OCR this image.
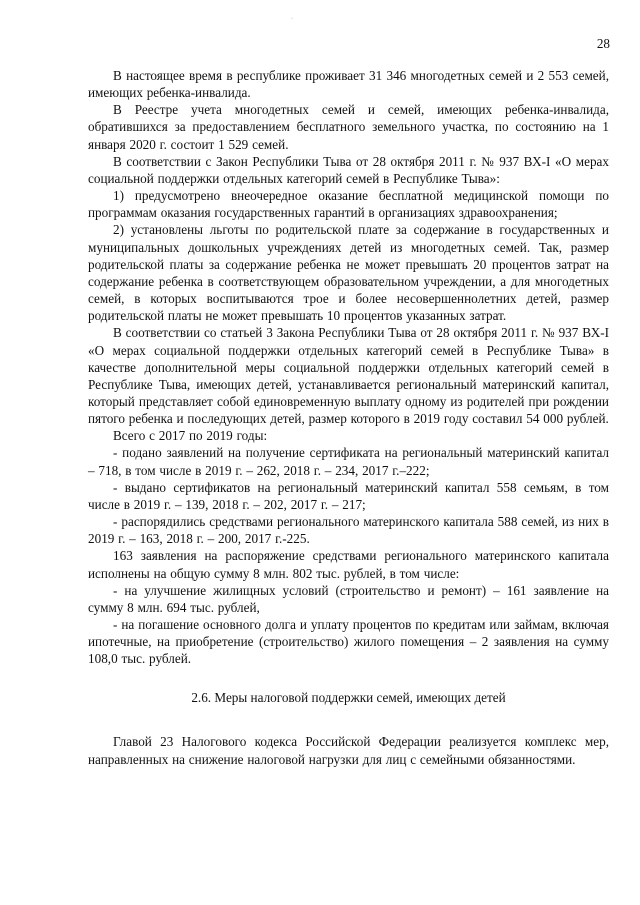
·
28

В настоящее время в республике проживает 31 346 многодетных семей и 2 553 семей, имеющих ребенка-инвалида.

В Реестре учета многодетных семей и семей, имеющих ребенка-инвалида, обратившихся за предоставлением бесплатного земельного участка, по состоянию на 1 января 2020 г. состоит 1 529 семей.

В соответствии с Закон Республики Тыва от 28 октября 2011 г. № 937 ВХ-I «О мерах социальной поддержки отдельных категорий семей в Республике Тыва»:

1) предусмотрено внеочередное оказание бесплатной медицинской помощи по программам оказания государственных гарантий в организациях здравоохранения;

2) установлены льготы по родительской плате за содержание в государственных и муниципальных дошкольных учреждениях детей из многодетных семей. Так, размер родительской платы за содержание ребенка не может превышать 20 процентов затрат на содержание ребенка в соответствующем образовательном учреждении, а для многодетных семей, в которых воспитываются трое и более несовершеннолетних детей, размер родительской платы не может превышать 10 процентов указанных затрат.

В соответствии со статьей 3 Закона Республики Тыва от 28 октября 2011 г. № 937 ВХ-I «О мерах социальной поддержки отдельных категорий семей в Республике Тыва» в качестве дополнительной меры социальной поддержки отдельных категорий семей в Республике Тыва, имеющих детей, устанавливается региональный материнский капитал, который представляет собой единовременную выплату одному из родителей при рождении пятого ребенка и последующих детей, размер которого в 2019 году составил 54 000 рублей.

Всего с 2017 по 2019 годы:

- подано заявлений на получение сертификата на региональный материнский капитал – 718, в том числе в 2019 г. – 262, 2018 г. – 234, 2017 г.–222;

- выдано сертификатов на региональный материнский капитал 558 семьям, в том числе в 2019 г. – 139, 2018 г. – 202, 2017 г. – 217;

- распорядились средствами регионального материнского капитала 588 семей, из них в 2019 г. – 163, 2018 г. – 200, 2017 г.-225.

163 заявления на распоряжение средствами регионального материнского капитала исполнены на общую сумму 8 млн. 802 тыс. рублей, в том числе:

- на улучшение жилищных условий (строительство и ремонт) – 161 заявление на сумму 8 млн. 694 тыс. рублей,

- на погашение основного долга и уплату процентов по кредитам или займам, включая ипотечные, на приобретение (строительство) жилого помещения – 2 заявления на сумму 108,0 тыс. рублей.

2.6. Меры налоговой поддержки семей, имеющих детей

Главой 23 Налогового кодекса Российской Федерации реализуется комплекс мер, направленных на снижение налоговой нагрузки для лиц с семейными обязанностями.
